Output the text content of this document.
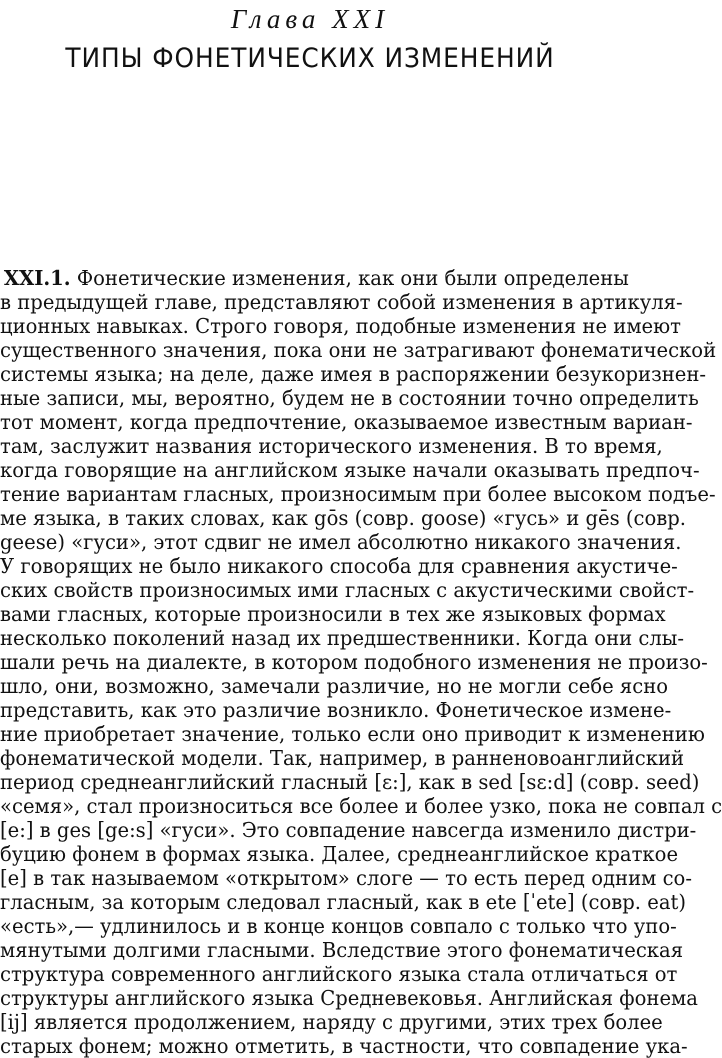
Глава XXI
ТИПЫ ФОНЕТИЧЕСКИХ ИЗМЕНЕНИЙ
XXI.1. Фонетические изменения, как они были определены
в предыдущей главе, представляют собой изменения в артикуля-
ционных навыках. Строго говоря, подобные изменения не имеют
существенного значения, пока они не затрагивают фонематической
системы языка; на деле, даже имея в распоряжении безукоризнен-
ные записи, мы, вероятно, будем не в состоянии точно определить
тот момент, когда предпочтение, оказываемое известным вариан-
там, заслужит названия исторического изменения. В то время,
когда говорящие на английском языке начали оказывать предпоч-
тение вариантам гласных, произносимым при более высоком подъе-
ме языка, в таких словах, как gōs (совр. goose) «гусь» и gēs (совр.
geese) «гуси», этот сдвиг не имел абсолютно никакого значения.
У говорящих не было никакого способа для сравнения акустиче-
ских свойств произносимых ими гласных с акустическими свойст-
вами гласных, которые произносили в тех же языковых формах
несколько поколений назад их предшественники. Когда они слы-
шали речь на диалекте, в котором подобного изменения не произо-
шло, они, возможно, замечали различие, но не могли себе ясно
представить, как это различие возникло. Фонетическое измене-
ние приобретает значение, только если оно приводит к изменению
фонематической модели. Так, например, в ранненовоанглийский
период среднеанглийский гласный [ɛ:], как в sed [sɛ:d] (совр. seed)
«семя», стал произноситься все более и более узко, пока не совпал с
[e:] в ges [ge:s] «гуси». Это совпадение навсегда изменило дистри-
буцию фонем в формах языка. Далее, среднеанглийское краткое
[e] в так называемом «открытом» слоге — то есть перед одним со-
гласным, за которым следовал гласный, как в ete [ˈete] (совр. eat)
«есть»,— удлинилось и в конце концов совпало с только что упо-
мянутыми долгими гласными. Вследствие этого фонематическая
структура современного английского языка стала отличаться от
структуры английского языка Средневековья. Английская фонема
[ij] является продолжением, наряду с другими, этих трех более
старых фонем; можно отметить, в частности, что совпадение ука-
